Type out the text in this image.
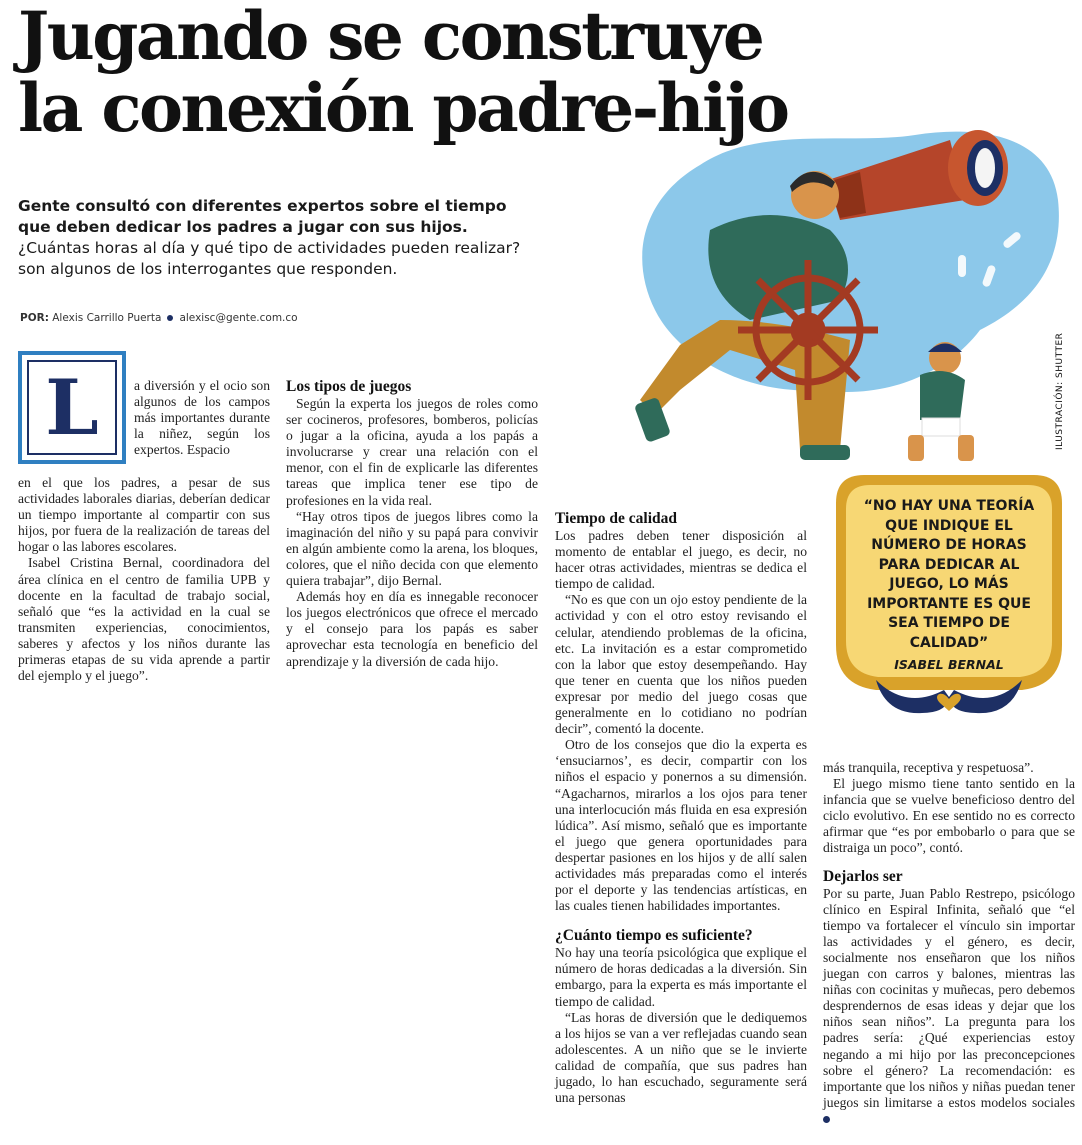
Jugando se construye
la conexión padre-hijo
Gente consultó con diferentes expertos sobre el tiempo que deben dedicar los padres a jugar con sus hijos.
¿Cuántas horas al día y qué tipo de actividades pueden realizar? son algunos de los interrogantes que responden.
POR: Alexis Carrillo Puerta alexisc@gente.com.co
ILUSTRACIÓN: SHUTTER
L	a diversión y el ocio son algunos de los campos más importantes durante la niñez, según los expertos. Espacio

en el que los padres, a pesar de sus actividades laborales diarias, deberían dedicar un tiempo importante al compartir con sus hijos, por fuera de la realización de tareas del hogar o las labores escolares.

Isabel Cristina Bernal, coordinadora del área clínica en el centro de familia UPB y docente en la facultad de trabajo social, señaló que “es la actividad en la cual se transmiten experiencias, conocimientos, saberes y afectos y los niños durante las primeras etapas de su vida aprende a partir del ejemplo y el juego”.

Los tipos de juegos

Según la experta los juegos de roles como ser cocineros, profesores, bomberos, policías o jugar a la oficina, ayuda a los papás a involucrarse y crear una relación con el menor, con el fin de explicarle las diferentes tareas que implica tener ese tipo de profesiones en la vida real.

“Hay otros tipos de juegos libres como la imaginación del niño y su papá para convivir en algún ambiente como la arena, los bloques, colores, que el niño decida con que elemento quiera trabajar”, dijo Bernal.

Además hoy en día es innegable reconocer los juegos electrónicos que ofrece el mercado y el consejo para los papás es saber aprovechar esta tecnología en beneficio del aprendizaje y la diversión de cada hijo.

Tiempo de calidad

Los padres deben tener disposición al momento de entablar el juego, es decir, no hacer otras actividades, mientras se dedica el tiempo de calidad.

“No es que con un ojo estoy pendiente de la actividad y con el otro estoy revisando el celular, atendiendo problemas de la oficina, etc. La invitación es a estar comprometido con la labor que estoy desempeñando. Hay que tener en cuenta que los niños pueden expresar por medio del juego cosas que generalmente en lo cotidiano no podrían decir”, comentó la docente.

Otro de los consejos que dio la experta es ‘ensuciarnos’, es decir, compartir con los niños el espacio y ponernos a su dimensión. “Agacharnos, mirarlos a los ojos para tener una interlocución más fluida en esa expresión lúdica”. Así mismo, señaló que es importante el juego que genera oportunidades para despertar pasiones en los hijos y de allí salen actividades más preparadas como el interés por el deporte y las tendencias artísticas, en las cuales tienen habilidades importantes.

¿Cuánto tiempo es suficiente?

No hay una teoría psicológica que explique el número de horas dedicadas a la diversión. Sin embargo, para la experta es más importante el tiempo de calidad.

“Las horas de diversión que le dediquemos a los hijos se van a ver reflejadas cuando sean adolescentes. A un niño que se le invierte calidad de compañía, que sus padres han jugado, lo han escuchado, seguramente será una personas

más tranquila, receptiva y respetuosa”.

El juego mismo tiene tanto sentido en la infancia que se vuelve beneficioso dentro del ciclo evolutivo. En ese sentido no es correcto afirmar que “es por embobarlo o para que se distraiga un poco”, contó.

Dejarlos ser

Por su parte, Juan Pablo Restrepo, psicólogo clínico en Espiral Infinita, señaló que “el tiempo va fortalecer el vínculo sin importar las actividades y el género, es decir, socialmente nos enseñaron que los niños juegan con carros y balones, mientras las niñas con cocinitas y muñecas, pero debemos desprendernos de esas ideas y dejar que los niños sean niños”. La pregunta para los padres sería: ¿Qué experiencias estoy negando a mi hijo por las preconcepciones sobre el género? La recomendación: es importante que los niños y niñas puedan tener juegos sin limitarse a estos modelos sociales

“NO HAY UNA TEORÍA QUE INDIQUE EL NÚMERO DE HORAS PARA DEDICAR AL JUEGO, LO MÁS IMPORTANTE ES QUE SEA TIEMPO DE CALIDAD”
ISABEL BERNAL
